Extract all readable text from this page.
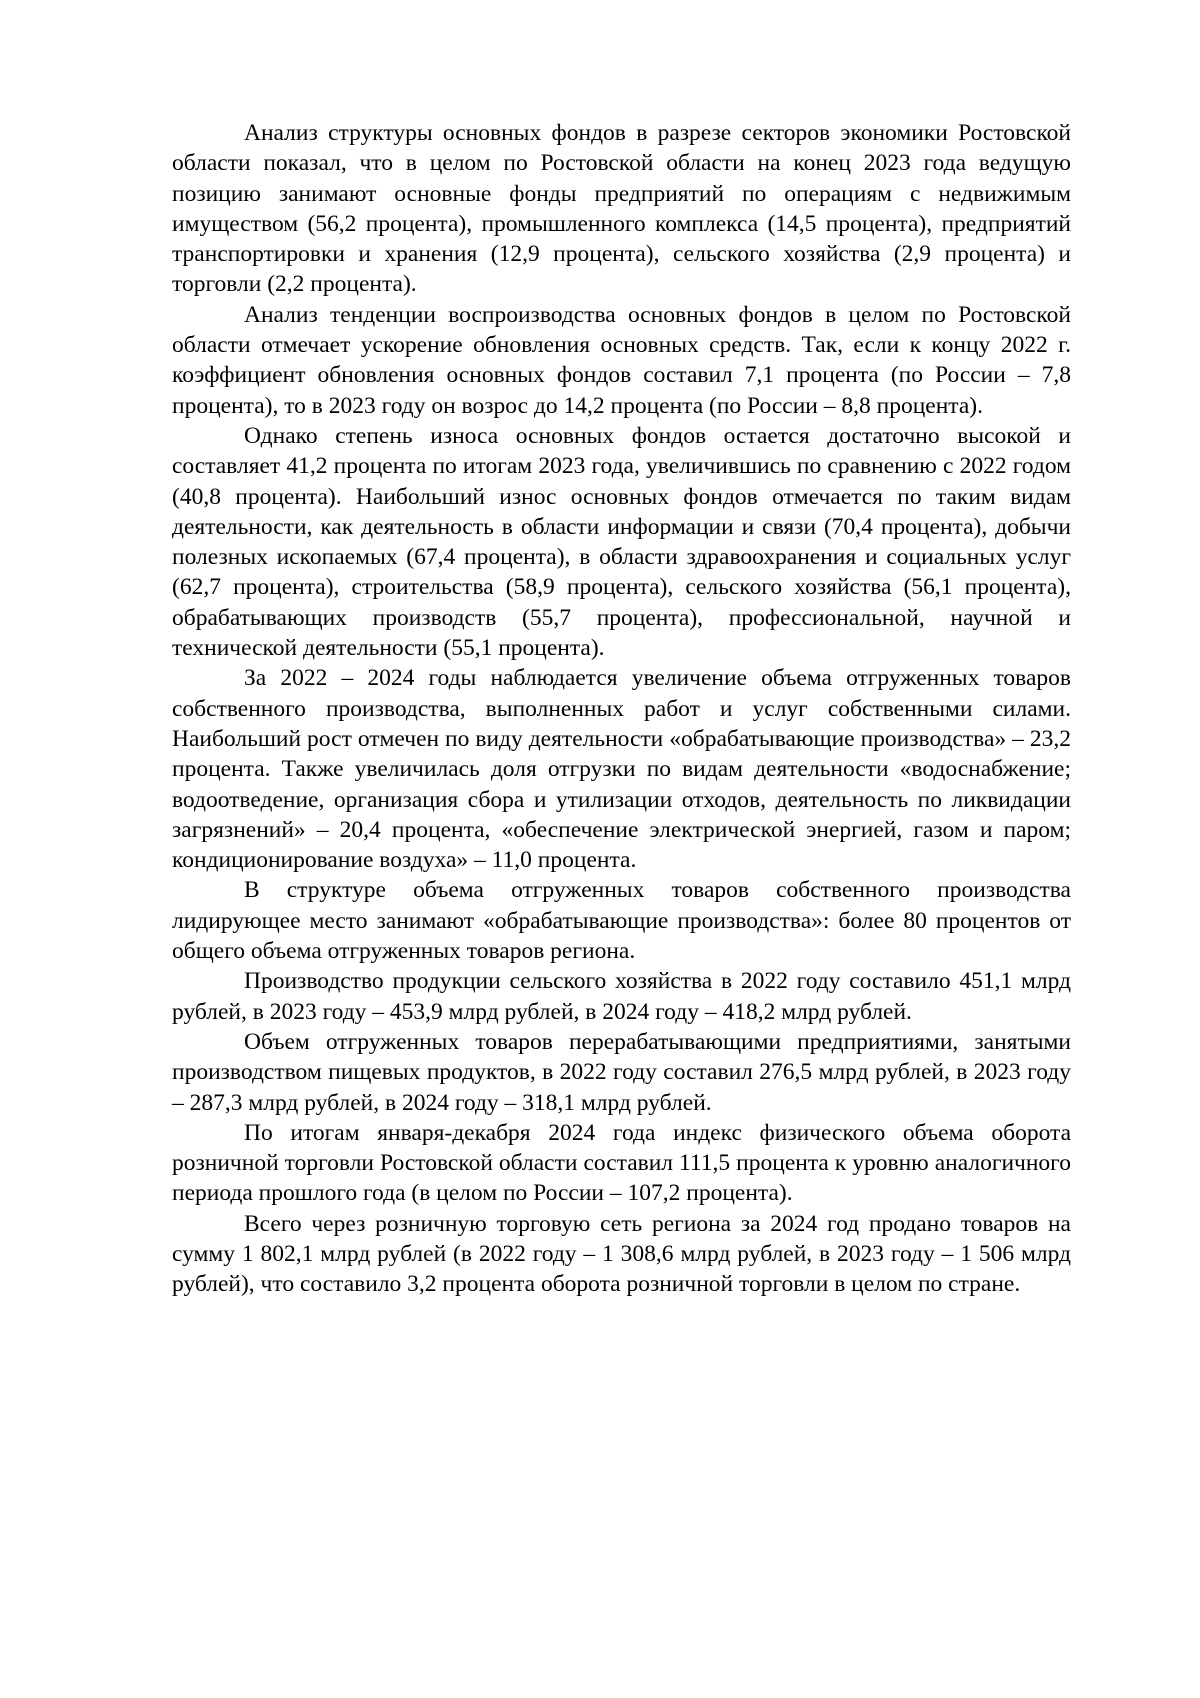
Анализ структуры основных фондов в разрезе секторов экономики Ростовской области показал, что в целом по Ростовской области на конец 2023 года ведущую позицию занимают основные фонды предприятий по операциям с недвижимым имуществом (56,2 процента), промышленного комплекса (14,5 процента), предприятий транспортировки и хранения (12,9 процента), сельского хозяйства (2,9 процента) и торговли (2,2 процента).

Анализ тенденции воспроизводства основных фондов в целом по Ростовской области отмечает ускорение обновления основных средств. Так, если к концу 2022 г. коэффициент обновления основных фондов составил 7,1 процента (по России – 7,8 процента), то в 2023 году он возрос до 14,2 процента (по России – 8,8 процента).

Однако степень износа основных фондов остается достаточно высокой и составляет 41,2 процента по итогам 2023 года, увеличившись по сравнению с 2022 годом (40,8 процента). Наибольший износ основных фондов отмечается по таким видам деятельности, как деятельность в области информации и связи (70,4 процента), добычи полезных ископаемых (67,4 процента), в области здравоохранения и социальных услуг (62,7 процента), строительства (58,9 процента), сельского хозяйства (56,1 процента), обрабатывающих производств (55,7 процента), профессиональной, научной и технической деятельности (55,1 процента).

За 2022 – 2024 годы наблюдается увеличение объема отгруженных товаров собственного производства, выполненных работ и услуг собственными силами. Наибольший рост отмечен по виду деятельности «обрабатывающие производства» – 23,2 процента. Также увеличилась доля отгрузки по видам деятельности «водоснабжение; водоотведение, организация сбора и утилизации отходов, деятельность по ликвидации загрязнений» – 20,4 процента, «обеспечение электрической энергией, газом и паром; кондиционирование воздуха» – 11,0 процента.

В структуре объема отгруженных товаров собственного производства лидирующее место занимают «обрабатывающие производства»: более 80 процентов от общего объема отгруженных товаров региона.

Производство продукции сельского хозяйства в 2022 году составило 451,1 млрд рублей, в 2023 году – 453,9 млрд рублей, в 2024 году – 418,2 млрд рублей.

Объем отгруженных товаров перерабатывающими предприятиями, занятыми производством пищевых продуктов, в 2022 году составил 276,5 млрд рублей, в 2023 году – 287,3 млрд рублей, в 2024 году – 318,1 млрд рублей.

По итогам января-декабря 2024 года индекс физического объема оборота розничной торговли Ростовской области составил 111,5 процента к уровню аналогичного периода прошлого года (в целом по России – 107,2 процента).

Всего через розничную торговую сеть региона за 2024 год продано товаров на сумму 1 802,1 млрд рублей (в 2022 году – 1 308,6 млрд рублей, в 2023 году – 1 506 млрд рублей), что составило 3,2 процента оборота розничной торговли в целом по стране.
